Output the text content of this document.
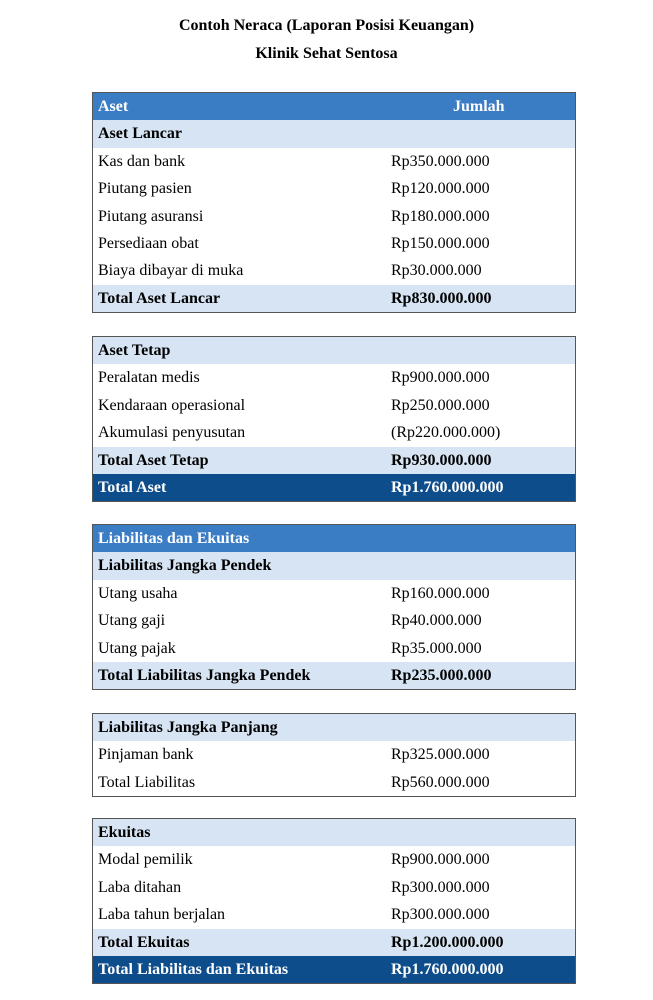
Contoh Neraca (Laporan Posisi Keuangan)
Klinik Sehat Sentosa
Aset	Jumlah
Aset Lancar
Kas dan bank	Rp350.000.000
Piutang pasien	Rp120.000.000
Piutang asuransi	Rp180.000.000
Persediaan obat	Rp150.000.000
Biaya dibayar di muka	Rp30.000.000
Total Aset Lancar	Rp830.000.000
Aset Tetap
Peralatan medis	Rp900.000.000
Kendaraan operasional	Rp250.000.000
Akumulasi penyusutan	(Rp220.000.000)
Total Aset Tetap	Rp930.000.000
Total Aset	Rp1.760.000.000
Liabilitas dan Ekuitas
Liabilitas Jangka Pendek
Utang usaha	Rp160.000.000
Utang gaji	Rp40.000.000
Utang pajak	Rp35.000.000
Total Liabilitas Jangka Pendek	Rp235.000.000
Liabilitas Jangka Panjang
Pinjaman bank	Rp325.000.000
Total Liabilitas	Rp560.000.000
Ekuitas
Modal pemilik	Rp900.000.000
Laba ditahan	Rp300.000.000
Laba tahun berjalan	Rp300.000.000
Total Ekuitas	Rp1.200.000.000
Total Liabilitas dan Ekuitas	Rp1.760.000.000
